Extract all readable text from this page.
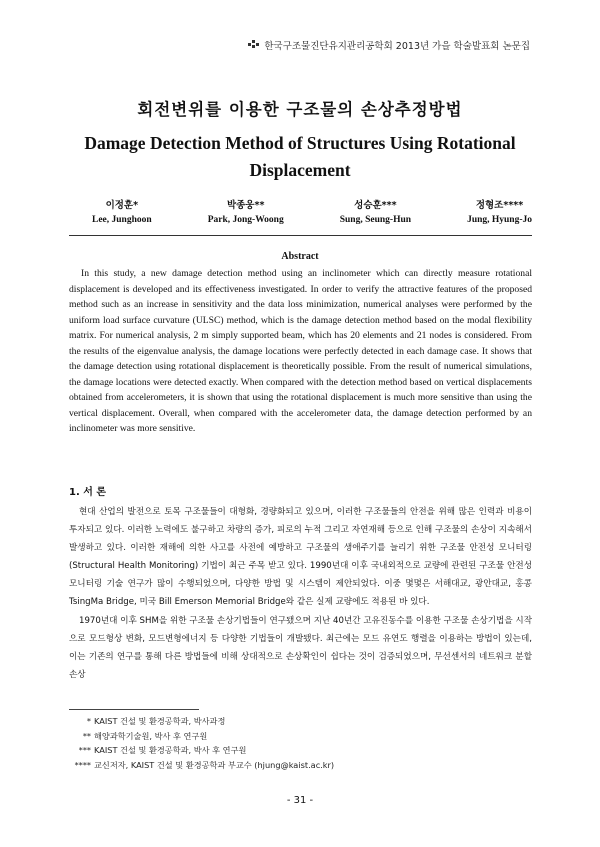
한국구조물진단유지관리공학회 2013년 가을 학술발표회 논문집
회전변위를 이용한 구조물의 손상추정방법
Damage Detection Method of Structures Using Rotational Displacement
이정훈*
Lee, Junghoon
박종웅**
Park, Jong-Woong
성승훈***
Sung, Seung-Hun
정형조****
Jung, Hyung-Jo
Abstract
In this study, a new damage detection method using an inclinometer which can directly measure rotational displacement is developed and its effectiveness investigated. In order to verify the attractive features of the proposed method such as an increase in sensitivity and the data loss minimization, numerical analyses were performed by the uniform load surface curvature (ULSC) method, which is the damage detection method based on the modal flexibility matrix. For numerical analysis, 2 m simply supported beam, which has 20 elements and 21 nodes is considered. From the results of the eigenvalue analysis, the damage locations were perfectly detected in each damage case. It shows that the damage detection using rotational displacement is theoretically possible. From the result of numerical simulations, the damage locations were detected exactly. When compared with the detection method based on vertical displacements obtained from accelerometers, it is shown that using the rotational displacement is much more sensitive than using the vertical displacement. Overall, when compared with the accelerometer data, the damage detection performed by an inclinometer was more sensitive.
1. 서 론

현대 산업의 발전으로 토목 구조물들이 대형화, 경량화되고 있으며, 이러한 구조물들의 안전을 위해 많은 인력과 비용이 투자되고 있다. 이러한 노력에도 불구하고 차량의 증가, 피로의 누적 그리고 자연재해 등으로 인해 구조물의 손상이 지속해서 발생하고 있다. 이러한 재해에 의한 사고를 사전에 예방하고 구조물의 생애주기를 늘리기 위한 구조물 안전성 모니터링(Structural Health Monitoring) 기법이 최근 주목 받고 있다. 1990년대 이후 국내외적으로 교량에 관련된 구조물 안전성 모니터링 기술 연구가 많이 수행되었으며, 다양한 방법 및 시스템이 제안되었다. 이중 몇몇은 서해대교, 광안대교, 홍콩 TsingMa Bridge, 미국 Bill Emerson Memorial Bridge와 같은 실제 교량에도 적용된 바 있다.

1970년대 이후 SHM을 위한 구조물 손상기법들이 연구됐으며 지난 40년간 고유진동수를 이용한 구조물 손상기법을 시작으로 모드형상 변화, 모드변형에너지 등 다양한 기법들이 개발됐다. 최근에는 모드 유연도 행렬을 이용하는 방법이 있는데, 이는 기존의 연구를 통해 다른 방법들에 비해 상대적으로 손상확인이 쉽다는 것이 검증되었으며, 무선센서의 네트워크 분할 손상

* KAIST 건설 및 환경공학과, 박사과정
** 해양과학기술원, 박사 후 연구원
*** KAIST 건설 및 환경공학과, 박사 후 연구원
**** 교신저자, KAIST 건설 및 환경공학과 부교수 (hjung@kaist.ac.kr)
- 31 -
